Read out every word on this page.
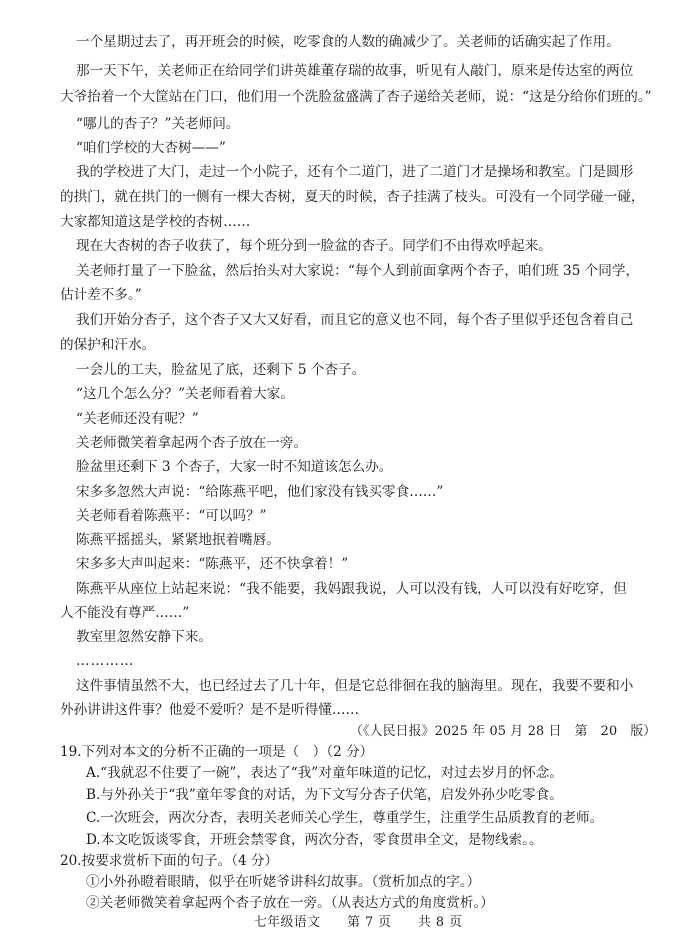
一个星期过去了，再开班会的时候，吃零食的人数的确减少了。关老师的话确实起了作用。
那一天下午，关老师正在给同学们讲英雄董存瑞的故事，听见有人敲门，原来是传达室的两位
大爷抬着一个大筐站在门口，他们用一个洗脸盆盛满了杏子递给关老师，说：“这是分给你们班的。”
“哪儿的杏子？”关老师问。
“咱们学校的大杏树——”
我的学校进了大门，走过一个小院子，还有个二道门，进了二道门才是操场和教室。门是圆形
的拱门，就在拱门的一侧有一棵大杏树，夏天的时候，杏子挂满了枝头。可没有一个同学碰一碰，
大家都知道这是学校的杏树……
现在大杏树的杏子收获了，每个班分到一脸盆的杏子。同学们不由得欢呼起来。
关老师打量了一下脸盆，然后抬头对大家说：“每个人到前面拿两个杏子，咱们班 35 个同学，
估计差不多。”
我们开始分杏子，这个杏子又大又好看，而且它的意义也不同，每个杏子里似乎还包含着自己
的保护和汗水。
一会儿的工夫，脸盆见了底，还剩下 5 个杏子。
“这几个怎么分？”关老师看着大家。
“关老师还没有呢？”
关老师微笑着拿起两个杏子放在一旁。
脸盆里还剩下 3 个杏子，大家一时不知道该怎么办。
宋多多忽然大声说：“给陈燕平吧，他们家没有钱买零食……”
关老师看着陈燕平：“可以吗？”
陈燕平摇摇头，紧紧地抿着嘴唇。
宋多多大声叫起来：“陈燕平，还不快拿着！”
陈燕平从座位上站起来说：“我不能要，我妈跟我说，人可以没有钱，人可以没有好吃穿，但
人不能没有尊严……”
教室里忽然安静下来。
…………
这件事情虽然不大，也已经过去了几十年，但是它总徘徊在我的脑海里。现在，我要不要和小
外孙讲讲这件事？他爱不爱听？是不是听得懂……
（《人民日报》2025 年 05 月 28 日　第　20　版）
19.下列对本文的分析不正确的一项是（　）（2 分）
A.“我就忍不住要了一碗”，表达了“我”对童年味道的记忆，对过去岁月的怀念。
B.与外孙关于“我”童年零食的对话，为下文写分杏子伏笔，启发外孙少吃零食。
C.一次班会，两次分杏，表明关老师关心学生，尊重学生，注重学生品质教育的老师。
D.本文吃饭谈零食，开班会禁零食，两次分杏，零食贯串全文，是物线索。。
20.按要求赏析下面的句子。（4 分）
①小外孙瞪着眼睛，似乎在听姥爷讲科幻故事。（赏析加点的字。）
②关老师微笑着拿起两个杏子放在一旁。（从表达方式的角度赏析。）
七年级语文　　第 7 页　　共 8 页
